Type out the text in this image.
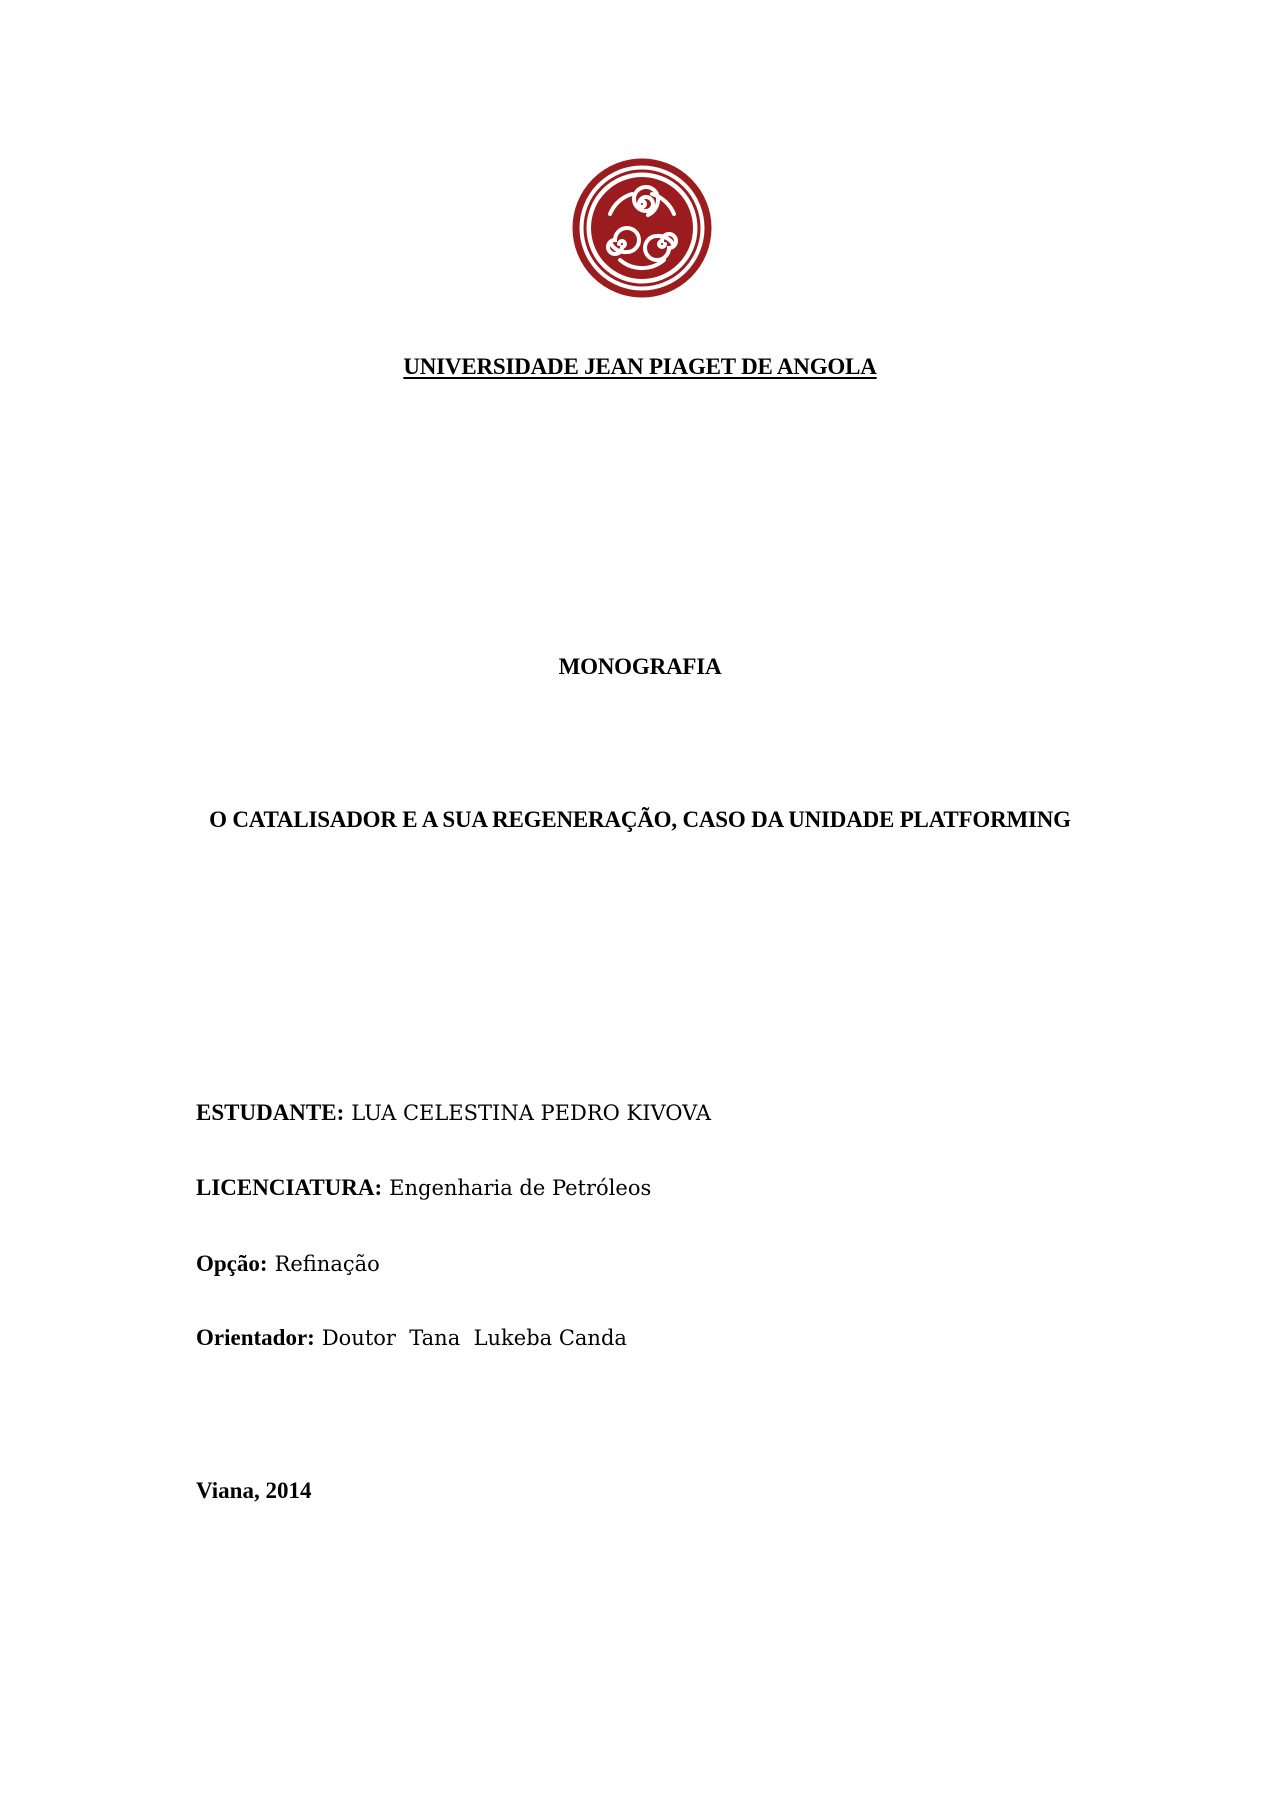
UNIVERSIDADE JEAN PIAGET DE ANGOLA
MONOGRAFIA
O CATALISADOR E A SUA REGENERAÇÃO, CASO DA UNIDADE PLATFORMING
ESTUDANTE: LUA CELESTINA PEDRO KIVOVA
LICENCIATURA: Engenharia de Petróleos
Opção: Refinação
Orientador: Doutor  Tana  Lukeba Canda
Viana, 2014
